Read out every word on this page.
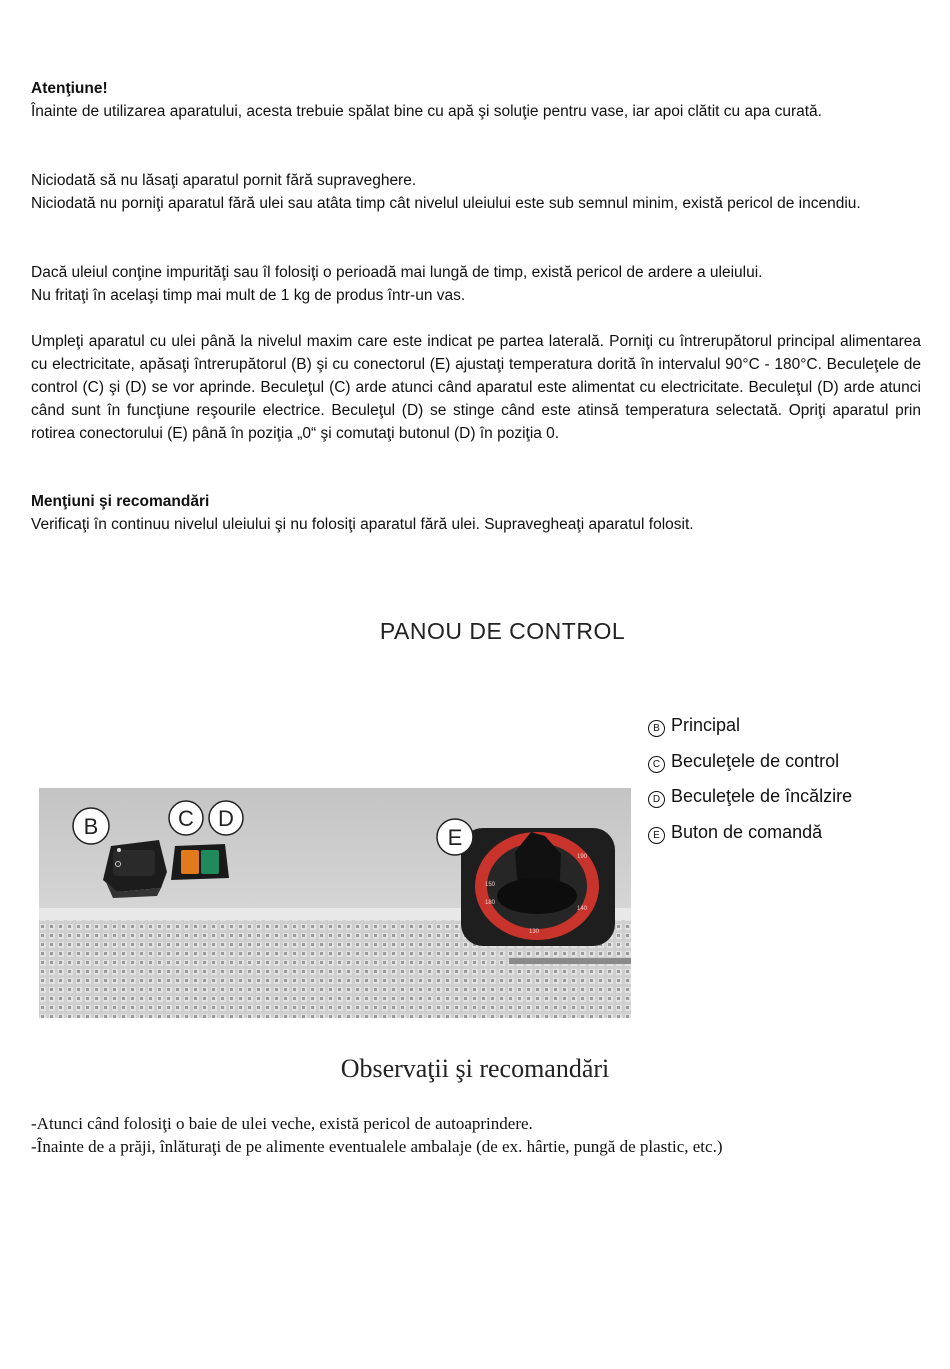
Atenţiune!

Înainte de utilizarea aparatului, acesta trebuie spălat bine cu apă şi soluţie pentru vase, iar apoi clătit cu apa curată.

Niciodată să nu lăsaţi aparatul pornit fără supraveghere.

Niciodată nu porniţi aparatul fără ulei sau atâta timp cât nivelul uleiului este sub semnul minim, există pericol de incendiu.

Dacă uleiul conţine impurităţi sau îl folosiţi o perioadă mai lungă de timp, există pericol de ardere a uleiului.

Nu fritaţi în acelaşi timp mai mult de 1 kg de produs într-un vas.

Umpleţi aparatul cu ulei până la nivelul maxim care este indicat pe partea laterală. Porniţi cu întrerupătorul principal alimentarea cu electricitate, apăsaţi întrerupătorul (B) şi cu conectorul (E) ajustaţi temperatura dorită în intervalul 90°C - 180°C. Beculeţele de control (C) şi (D) se vor aprinde. Beculeţul (C) arde atunci când aparatul este alimentat cu electricitate. Beculeţul (D) arde atunci când sunt în funcţiune reşourile electrice. Beculeţul (D) se stinge când este atinsă temperatura selectată. Opriţi aparatul prin rotirea conectorului (E) până în poziţia „0“ şi comutaţi butonul (D) în poziţia 0.

Menţiuni şi recomandări

Verificaţi în continuu nivelul uleiului şi nu folosiţi aparatul fără ulei. Supravegheaţi aparatul folosit.

PANOU DE CONTROL
B Principal
C Beculeţele de control
D Beculeţele de încălzire
E Buton de comandă
B	C D
150
180
190
140
130
E
Observaţii şi recomandări

-Atunci când folosiţi o baie de ulei veche, există pericol de autoaprindere.

-Înainte de a prăji, înlăturaţi de pe alimente eventualele ambalaje (de ex. hârtie, pungă de plastic, etc.)
